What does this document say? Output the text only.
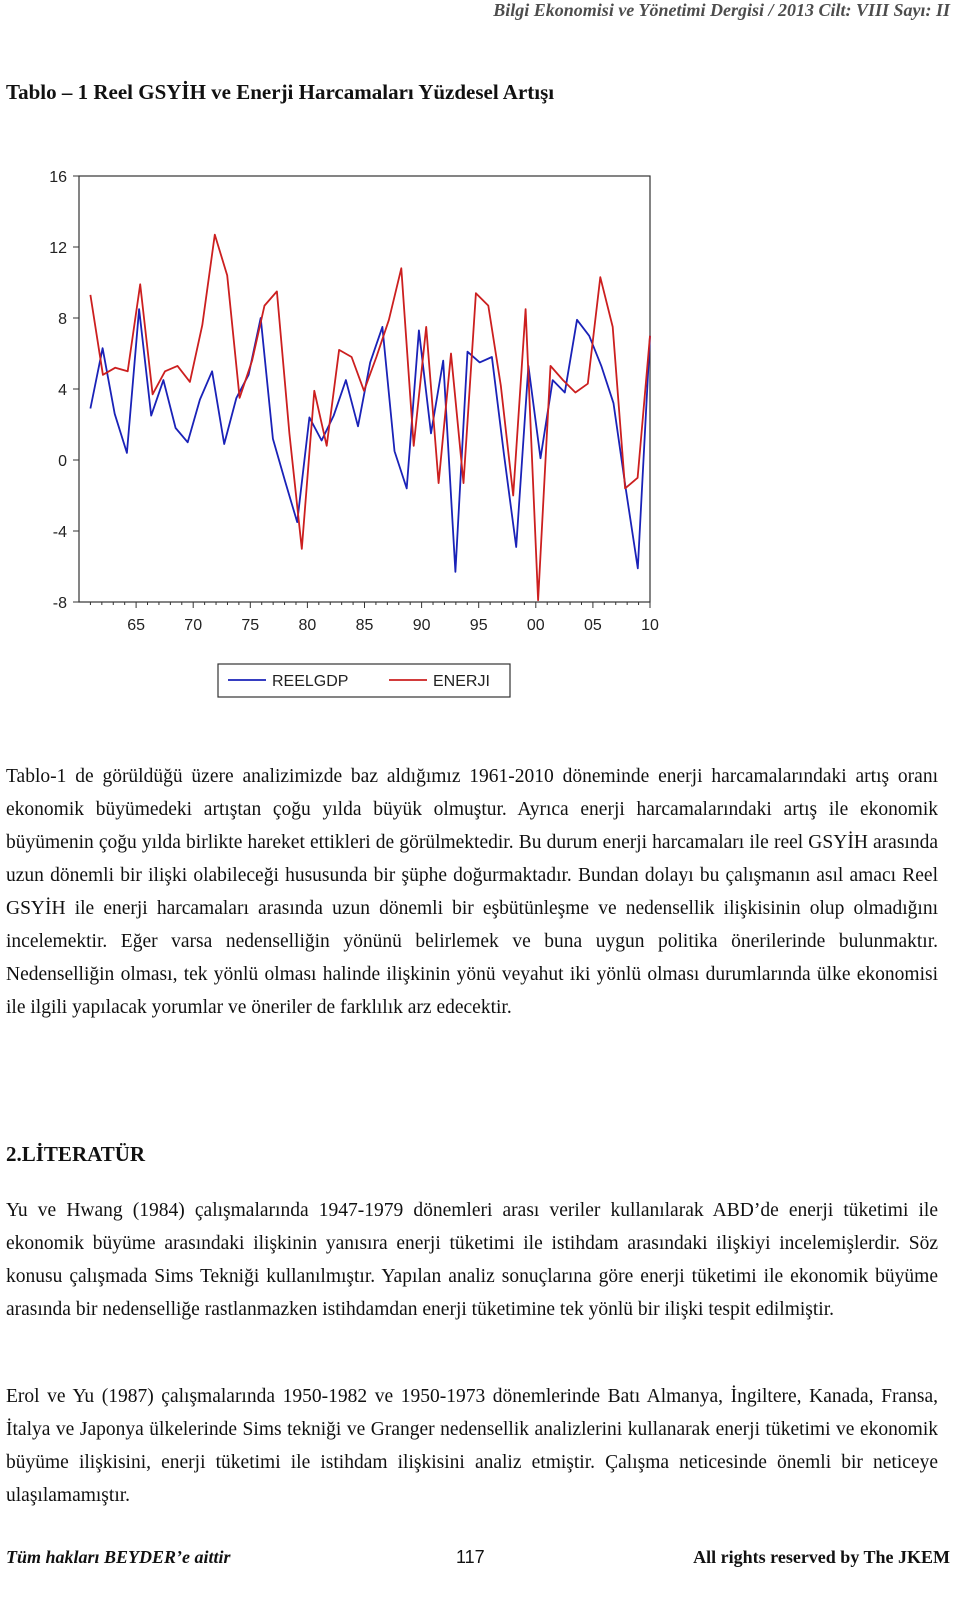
Bilgi Ekonomisi ve Yönetimi Dergisi / 2013 Cilt: VIII Sayı: II
Tablo – 1 Reel GSYİH ve Enerji Harcamaları Yüzdesel Artışı
16
12
8
4
0
-4
-8
65 70 75 80 85 90 95 00 05 10
REELGDP	ENERJI
Tablo-1 de görüldüğü üzere analizimizde baz aldığımız 1961-2010 döneminde enerji harcamalarındaki artış oranı ekonomik büyümedeki artıştan çoğu yılda büyük olmuştur. Ayrıca enerji harcamalarındaki artış ile ekonomik büyümenin çoğu yılda birlikte hareket ettikleri de görülmektedir. Bu durum enerji harcamaları ile reel GSYİH arasında uzun dönemli bir ilişki olabileceği hususunda bir şüphe doğurmaktadır. Bundan dolayı bu çalışmanın asıl amacı Reel GSYİH ile enerji harcamaları arasında uzun dönemli bir eşbütünleşme ve nedensellik ilişkisinin olup olmadığını incelemektir. Eğer varsa nedenselliğin yönünü belirlemek ve buna uygun politika önerilerinde bulunmaktır. Nedenselliğin olması, tek yönlü olması halinde ilişkinin yönü veyahut iki yönlü olması durumlarında ülke ekonomisi ile ilgili yapılacak yorumlar ve öneriler de farklılık arz edecektir.
2.LİTERATÜR
Yu ve Hwang (1984) çalışmalarında 1947-1979 dönemleri arası veriler kullanılarak ABD’de enerji tüketimi ile ekonomik büyüme arasındaki ilişkinin yanısıra enerji tüketimi ile istihdam arasındaki ilişkiyi incelemişlerdir. Söz konusu çalışmada Sims Tekniği kullanılmıştır. Yapılan analiz sonuçlarına göre enerji tüketimi ile ekonomik büyüme arasında bir nedenselliğe rastlanmazken istihdamdan enerji tüketimine tek yönlü bir ilişki tespit edilmiştir.
Erol ve Yu (1987) çalışmalarında 1950-1982 ve 1950-1973 dönemlerinde Batı Almanya, İngiltere, Kanada, Fransa, İtalya ve Japonya ülkelerinde Sims tekniği ve Granger nedensellik analizlerini kullanarak enerji tüketimi ve ekonomik büyüme ilişkisini, enerji tüketimi ile istihdam ilişkisini analiz etmiştir. Çalışma neticesinde önemli bir neticeye ulaşılamamıştır.
Tüm hakları BEYDER’e aittir	117	All rights reserved by The JKEM
